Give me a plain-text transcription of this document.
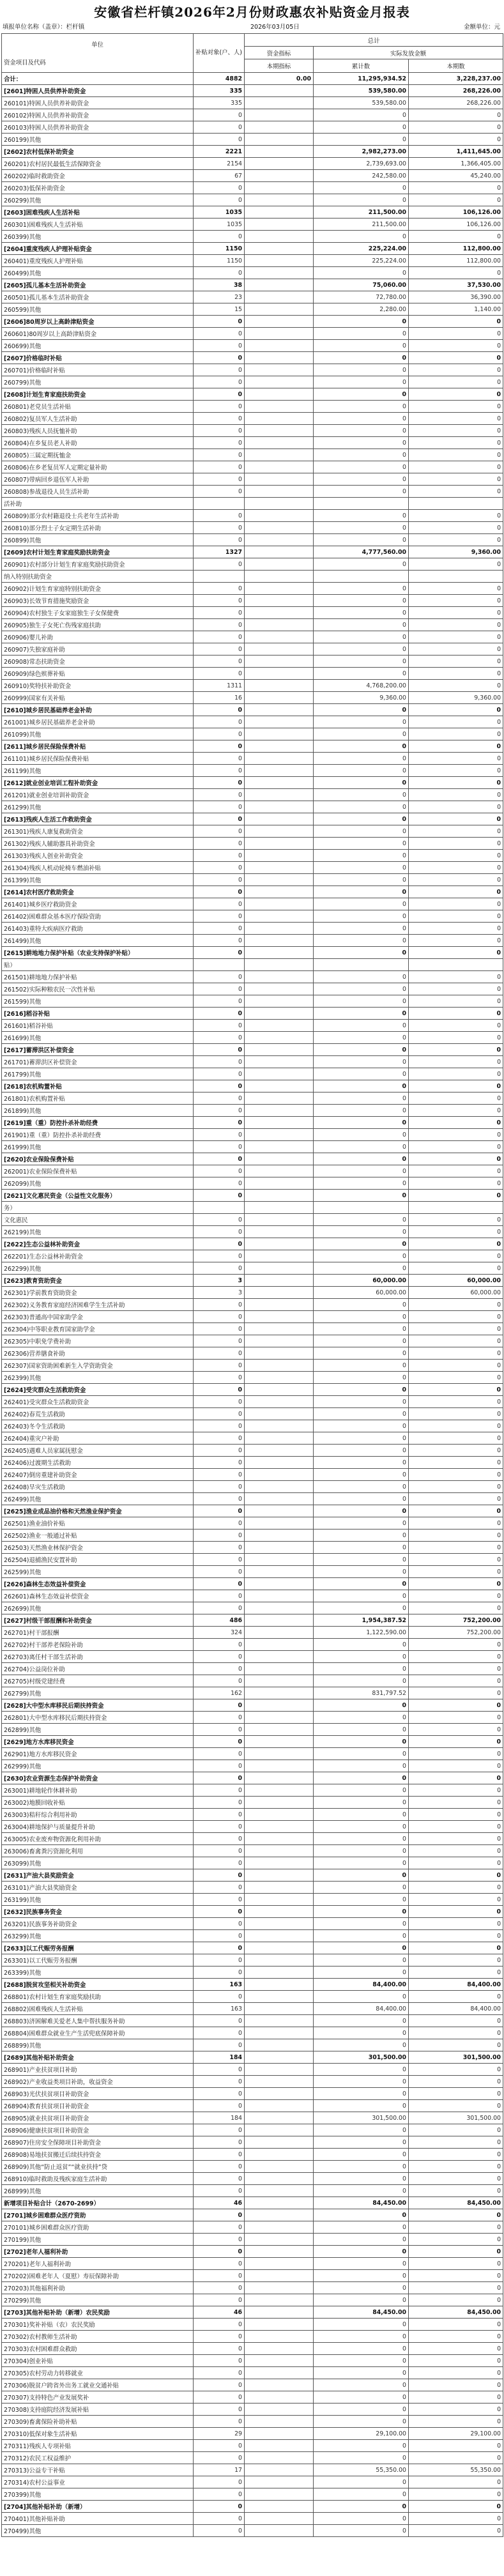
安徽省栏杆镇2026年2月份财政惠农补贴资金月报表
填报单位名称（盖章）：栏杆镇	2026年03月05日	金额单位：元
单位
资金项目及代码	补贴对象(户、人)	总计		
		资金指标	实际发放金额	
		本期指标	累计数	本期数
合计：	4882	0.00	11,295,934.52	3,228,237.00
[2601]特困人员供养补助资金	335		539,580.00	268,226.00
260101)特困人员供养补助资金	335		539,580.00	268,226.00
260102)特困人员供养补助资金	0		0	0
260103)特困人员供养补助资金	0		0	0
260199)其他	0		0	0
[2602]农村低保补助资金	2221		2,982,273.00	1,411,645.00
260201)农村居民最低生活保障资金	2154		2,739,693.00	1,366,405.00
260202)临时救助资金	67		242,580.00	45,240.00
260203)低保补助资金	0		0	0
260299)其他	0		0	0
[2603]困难残疾人生活补贴	1035		211,500.00	106,126.00
260301)困难残疾人生活补贴	1035		211,500.00	106,126.00
260399)其他	0		0	0
[2604]重度残疾人护理补贴资金	1150		225,224.00	112,800.00
260401)重度残疾人护理补贴	1150		225,224.00	112,800.00
260499)其他	0		0	0
[2605]孤儿基本生活补助资金	38		75,060.00	37,530.00
260501)孤儿基本生活补助资金	23		72,780.00	36,390.00
260599)其他	15		2,280.00	1,140.00
[2606]80周岁以上高龄津贴资金	0		0	0
260601)80周岁以上高龄津贴资金	0		0	0
260699)其他	0		0	0
[2607]价格临时补贴	0		0	0
260701)价格临时补贴	0		0	0
260799)其他	0		0	0
[2608]计划生育家庭扶助资金	0		0	0
260801)老党员生活补贴	0		0	0
260802)复员军人生活补助	0		0	0
260803)残疾人员抚恤补助	0		0	0
260804)在乡复员老人补助	0		0	0
260805)三属定期抚恤金	0		0	0
260806)在乡老复员军人定期定量补助	0		0	0
260807)带病回乡退伍军人补助	0		0	0
260808)参战退役人员生活补助	0		0	0
活补助				
260809)部分农村籍退役士兵老年生活补助	0		0	0
260810)部分烈士子女定期生活补助	0		0	0
260899)其他	0		0	0
[2609]农村计划生育家庭奖励扶助资金	1327		4,777,560.00	9,360.00
260901)农村部分计划生育家庭奖励扶助资金	0		0	0
纳入特别扶助资金				
260902)计划生育家庭特别扶助资金	0		0	0
260903)长效节育措施奖励资金	0		0	0
260904)农村独生子女家庭独生子女保健费	0		0	0
260905)独生子女死亡伤残家庭扶助	0		0	0
260906)婴儿补助	0		0	0
260907)失独家庭补助	0		0	0
260908)常态扶助资金	0		0	0
260909)绿色殡葬补贴	0		0	0
260910)奖特扶补助资金	1311		4,768,200.00	0
260999)国家有关补贴	16		9,360.00	9,360.00
[2610]城乡居民基础养老金补助	0		0	0
261001)城乡居民基础养老金补助	0		0	0
261099)其他	0		0	0
[2611]城乡居民保险保费补贴	0		0	0
261101)城乡居民保险保费补贴	0		0	0
261199)其他	0		0	0
[2612]就业创业培训工程补助资金	0		0	0
261201)就业创业培训补助资金	0		0	0
261299)其他	0		0	0
[2613]残疾人生活工作救助资金	0		0	0
261301)残疾人康复救助资金	0		0	0
261302)残疾人辅助器具补助资金	0		0	0
261303)残疾人创业补助资金	0		0	0
261304)残疾人机动轮椅车燃油补贴	0		0	0
261399)其他	0		0	0
[2614]农村医疗救助资金	0		0	0
261401)城乡医疗救助资金	0		0	0
261402)困难群众基本医疗保险资助	0		0	0
261403)重特大疾病医疗救助	0		0	0
261499)其他	0		0	0
[2615]耕地地力保护补贴（农业支持保护补贴）	0		0	0
贴）				
261501)耕地地力保护补贴	0		0	0
261502)实际种粮农民一次性补贴	0		0	0
261599)其他	0		0	0
[2616]稻谷补贴	0		0	0
261601)稻谷补贴	0		0	0
261699)其他	0		0	0
[2617]蓄滞洪区补偿资金	0		0	0
261701)蓄滞洪区补偿资金	0		0	0
261799)其他	0		0	0
[2618]农机购置补贴	0		0	0
261801)农机购置补贴	0		0	0
261899)其他	0		0	0
[2619]重（重）防控扑杀补助经费	0		0	0
261901)重（重）防控扑杀补助经费	0		0	0
261999)其他	0		0	0
[2620]农业保险保费补贴	0		0	0
262001)农业保险保费补贴	0		0	0
262099)其他	0		0	0
[2621]文化惠民资金（公益性文化服务）	0		0	0
务）				
文化惠民	0		0	0
262199)其他	0		0	0
[2622]生态公益林补助资金	0		0	0
262201)生态公益林补助资金	0		0	0
262299)其他	0		0	0
[2623]教育资助资金	3		60,000.00	60,000.00
262301)学前教育资助资金	3		60,000.00	60,000.00
262302)义务教育家庭经济困难学生生活补助	0		0	0
262303)普通高中国家助学金	0		0	0
262304)中等职业教育国家助学金	0		0	0
262305)中职免学费补助	0		0	0
262306)营养膳食补助	0		0	0
262307)国家资助困难新生入学资助资金	0		0	0
262399)其他	0		0	0
[2624]受灾群众生活救助资金	0		0	0
262401)受灾群众生活救助资金	0		0	0
262402)春荒生活救助	0		0	0
262403)冬令生活救助	0		0	0
262404)重灾户补助	0		0	0
262405)遇难人员家属抚慰金	0		0	0
262406)过渡期生活救助	0		0	0
262407)倒房重建补助资金	0		0	0
262408)旱灾生活救助	0		0	0
262499)其他	0		0	0
[2625]渔业成品油价格和天然渔业保护资金	0		0	0
262501)渔业油价补贴	0		0	0
262502)渔业一般通过补贴	0		0	0
262503)天然渔业林保护资金	0		0	0
262504)退捕渔民安置补助	0		0	0
262599)其他	0		0	0
[2626]森林生态效益补偿资金	0		0	0
262601)森林生态效益补偿资金	0		0	0
262699)其他	0		0	0
[2627]村级干部报酬和补助资金	486		1,954,387.52	752,200.00
262701)村干部报酬	324		1,122,590.00	752,200.00
262702)村干部养老保险补助	0		0	0
262703)离任村干部生活补助	0		0	0
262704)公益岗位补助	0		0	0
262705)村级党建经费	0		0	0
262799)其他	162		831,797.52	0
[2628]大中型水库移民后期扶持资金	0		0	0
262801)大中型水库移民后期扶持资金	0		0	0
262899)其他	0		0	0
[2629]地方水库移民资金	0		0	0
262901)地方水库移民资金	0		0	0
262999)其他	0		0	0
[2630]农业资源生态保护补助资金	0		0	0
263001)耕地轮作休耕补助	0		0	0
263002)地膜回收补贴	0		0	0
263003)秸秆综合利用补助	0		0	0
263004)耕地保护与质量提升补助	0		0	0
263005)农业废弃物资源化利用补助	0		0	0
263006)畜禽粪污资源化利用	0		0	0
263099)其他	0		0	0
[2631]产油大县奖励资金	0		0	0
263101)产油大县奖励资金	0		0	0
263199)其他	0		0	0
[2632]民族事务资金	0		0	0
263201)民族事务补助资金	0		0	0
263299)其他	0		0	0
[2633]以工代赈劳务报酬	0		0	0
263301)以工代赈劳务报酬	0		0	0
263399)其他	0		0	0
[2688]脱贫攻坚相关补助资金	163		84,400.00	84,400.00
268801)农村计划生育家庭奖励扶助	0		0	0
268802)困难残疾人生活补贴	163		84,400.00	84,400.00
268803)济困解难关爱老人集中帮扶服务补助	0		0	0
268804)困难群众就业生产生活兜底保障补助	0		0	0
268899)其他	0		0	0
[2689]其他补贴补助资金	184		301,500.00	301,500.00
268901)产业扶贫项目补助	0		0	0
268902)产业收益类项目补助，收益资金	0		0	0
268903)光伏扶贫项目补助资金	0		0	0
268904)教育扶贫项目补助资金	0		0	0
268905)就业扶贫项目补助资金	184		301,500.00	301,500.00
268906)健康扶贫项目补助资金	0		0	0
268907)住房安全保障项目补助资金	0		0	0
268908)易地扶贫搬迁后续扶持资金	0		0	0
268909)其他“防止返贫”“就业扶持”贷	0		0	0
268910)临时救助及残疾家庭生活补助	0		0	0
268999)其他	0		0	0
新增项目补贴合计（2670-2699）	46		84,450.00	84,450.00
[2701]城乡困难群众医疗资助	0		0	0
270101)城乡困难群众医疗资助	0		0	0
270199)其他	0		0	0
[2702]老年人福利补助	0		0	0
270201)老年人福利补助	0		0	0
270202)困难老年人（夏慰）寿辰保障补助	0		0	0
270203)其他福利补助	0		0	0
270299)其他	0		0	0
[2703]其他补贴补助（新增）农民奖励	46		84,450.00	84,450.00
270301)奖补补贴（农）农民奖励	0		0	0
270302)农村教师生活补助	0		0	0
270303)农村困难群众救助	0		0	0
270304)创业补贴	0		0	0
270305)农村劳动力转移就业	0		0	0
270306)脱贫户跨省外出务工就业交通补贴	0		0	0
270307)支持特色产业发展奖补	0		0	0
270308)支持庭院经济发展补贴	0		0	0
270309)畜禽保险补助补贴	0		0	0
270310)低保对象生活补贴	29		29,100.00	29,100.00
270311)残疾人专项补贴	0		0	0
270312)农民工权益维护	0		0	0
270313)公益专干补贴	17		55,350.00	55,350.00
270314)农村公益事业	0		0	0
270399)其他	0		0	0
[2704]其他补贴补助（新增）	0		0	0
270401)其他补贴补助	0		0	0
270499)其他	0		0	0
